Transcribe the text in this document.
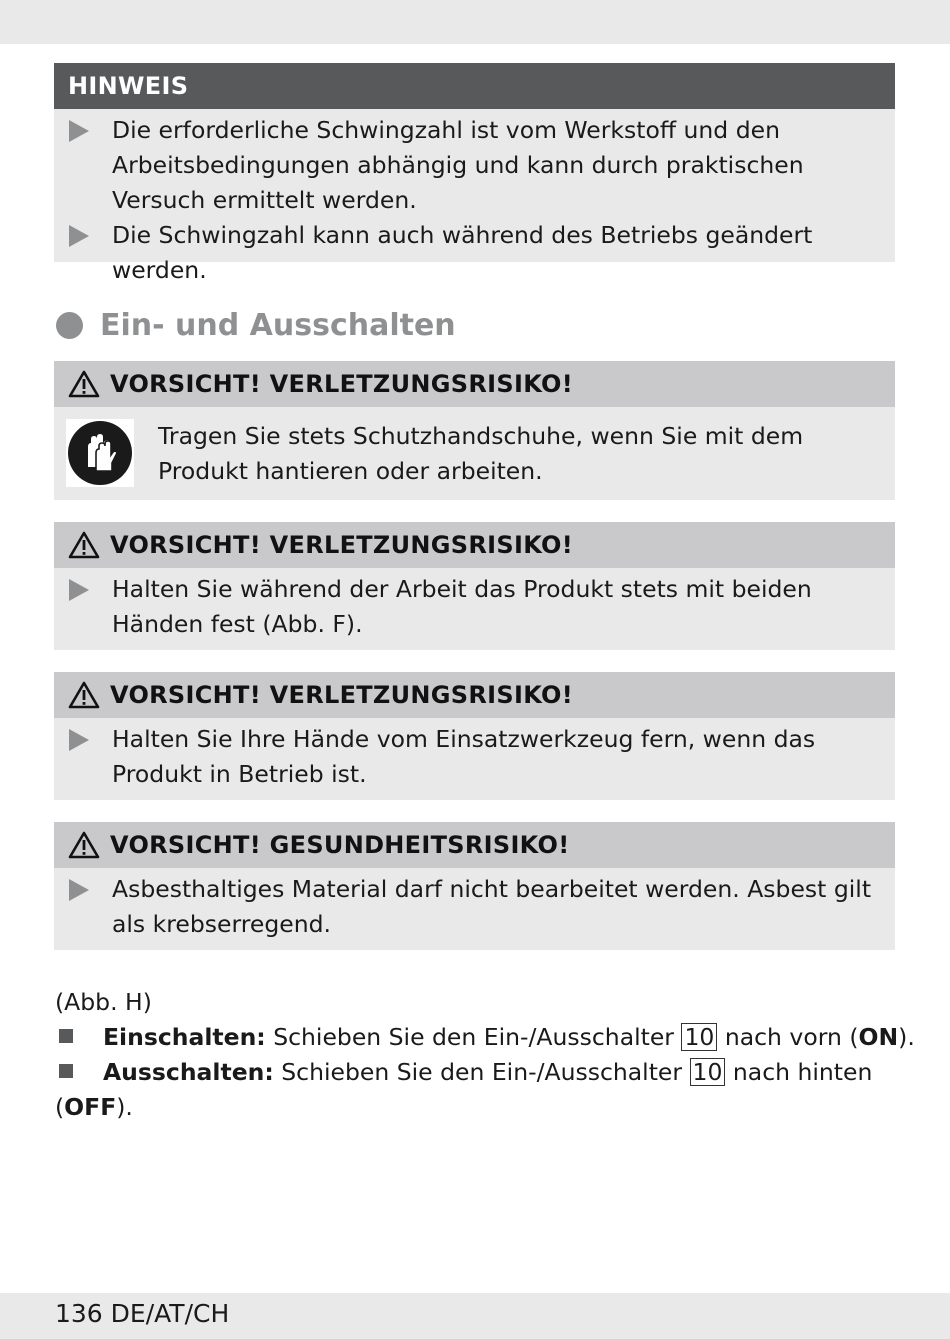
HINWEIS
Die erforderliche Schwingzahl ist vom Werkstoff und den Arbeitsbedingungen abhängig und kann durch praktischen Versuch ermittelt werden.
Die Schwingzahl kann auch während des Betriebs geändert werden.
Ein- und Ausschalten
VORSICHT! VERLETZUNGSRISIKO!
Tragen Sie stets Schutzhandschuhe, wenn Sie mit dem Produkt hantieren oder arbeiten.
VORSICHT! VERLETZUNGSRISIKO!
Halten Sie während der Arbeit das Produkt stets mit beiden Händen fest (Abb. F).
VORSICHT! VERLETZUNGSRISIKO!
Halten Sie Ihre Hände vom Einsatzwerkzeug fern, wenn das Produkt in Betrieb ist.
VORSICHT! GESUNDHEITSRISIKO!
Asbesthaltiges Material darf nicht bearbeitet werden. Asbest gilt als krebserregend.
(Abb. H)
Einschalten: Schieben Sie den Ein-/Ausschalter 10 nach vorn (ON).
Ausschalten: Schieben Sie den Ein-/Ausschalter 10 nach hinten (OFF).
136 DE/AT/CH
